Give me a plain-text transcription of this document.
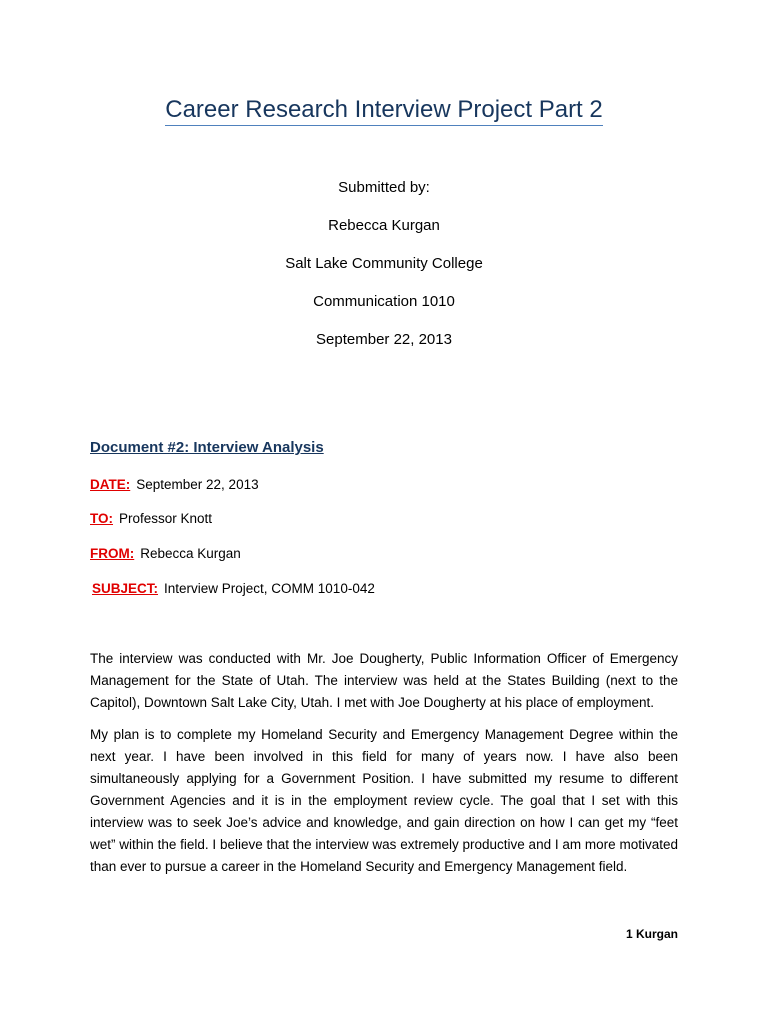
Career Research Interview Project Part 2
Submitted by:
Rebecca Kurgan
Salt Lake Community College
Communication 1010
September 22, 2013
Document #2: Interview Analysis
DATE: September 22, 2013
TO: Professor Knott
FROM: Rebecca Kurgan
SUBJECT: Interview Project, COMM 1010-042
The interview was conducted with Mr. Joe Dougherty, Public Information Officer of Emergency Management for the State of Utah. The interview was held at the States Building (next to the Capitol), Downtown Salt Lake City, Utah. I met with Joe Dougherty at his place of employment.
My plan is to complete my Homeland Security and Emergency Management Degree within the next year. I have been involved in this field for many of years now. I have also been simultaneously applying for a Government Position. I have submitted my resume to different Government Agencies and it is in the employment review cycle. The goal that I set with this interview was to seek Joe’s advice and knowledge, and gain direction on how I can get my “feet wet” within the field. I believe that the interview was extremely productive and I am more motivated than ever to pursue a career in the Homeland Security and Emergency Management field.
1 Kurgan
